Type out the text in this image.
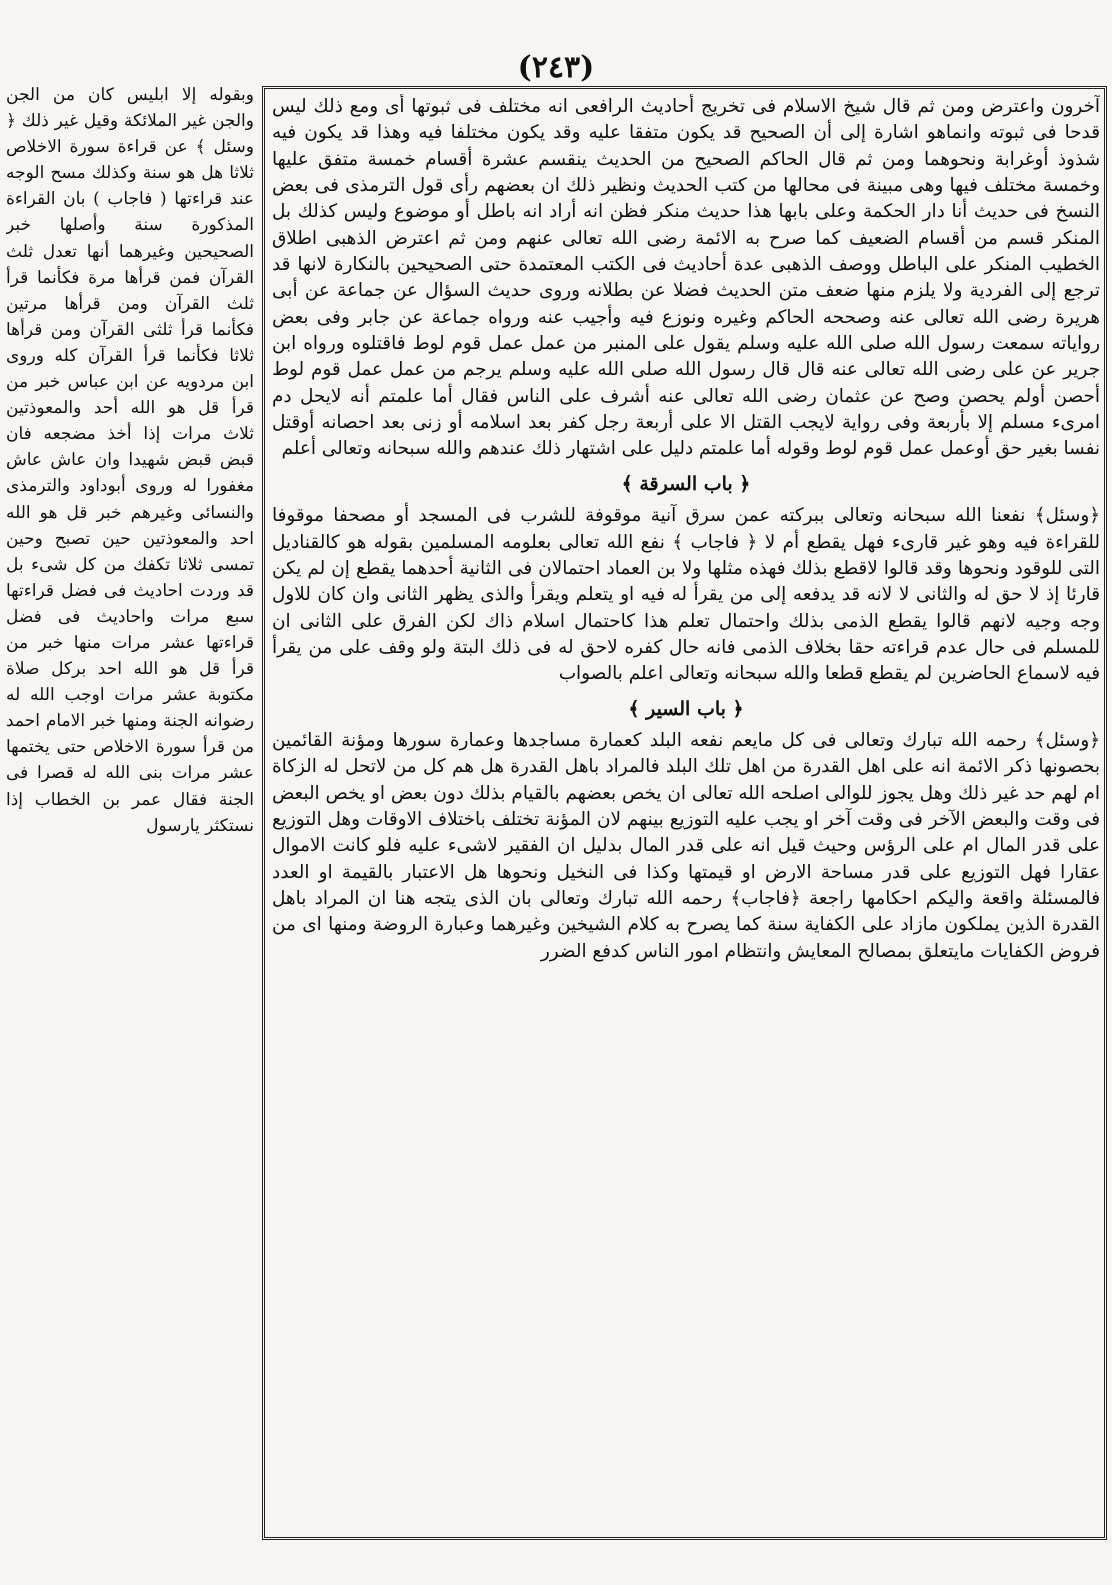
(٢٤٣)

آخرون واعترض ومن ثم قال شيخ الاسلام فى تخريج أحاديث الرافعى انه مختلف فى ثبوتها أى ومع ذلك ليس قدحا فى ثبوته وانماهو اشارة إلى أن الصحيح قد يكون متفقا عليه وقد يكون مختلفا فيه وهذا قد يكون فيه شذوذ أوغرابة ونحوهما ومن ثم قال الحاكم الصحيح من الحديث ينقسم عشرة أقسام خمسة متفق عليها وخمسة مختلف فيها وهى مبينة فى محالها من كتب الحديث ونظير ذلك ان بعضهم رأى قول الترمذى فى بعض النسخ فى حديث أنا دار الحكمة وعلى بابها هذا حديث منكر فظن انه أراد انه باطل أو موضوع وليس كذلك بل المنكر قسم من أقسام الضعيف كما صرح به الائمة رضى الله تعالى عنهم ومن ثم اعترض الذهبى اطلاق الخطيب المنكر على الباطل ووصف الذهبى عدة أحاديث فى الكتب المعتمدة حتى الصحيحين بالنكارة لانها قد ترجع إلى الفردية ولا يلزم منها ضعف متن الحديث فضلا عن بطلانه وروى حديث السؤال عن جماعة عن أبى هريرة رضى الله تعالى عنه وصححه الحاكم وغيره ونوزع فيه وأجيب عنه ورواه جماعة عن جابر وفى بعض رواياته سمعت رسول الله صلى الله عليه وسلم يقول على المنبر من عمل عمل قوم لوط فاقتلوه ورواه ابن جرير عن على رضى الله تعالى عنه قال قال رسول الله صلى الله عليه وسلم يرجم من عمل عمل قوم لوط أحصن أولم يحصن وصح عن عثمان رضى الله تعالى عنه أشرف على الناس فقال أما علمتم أنه لايحل دم امرىء مسلم إلا بأربعة وفى رواية لايجب القتل الا على أربعة رجل كفر بعد اسلامه أو زنى بعد احصانه أوقتل نفسا بغير حق أوعمل عمل قوم لوط وقوله أما علمتم دليل على اشتهار ذلك عندهم والله سبحانه وتعالى أعلم

﴿ باب السرقة ﴾

﴿وسئل﴾ نفعنا الله سبحانه وتعالى ببركته عمن سرق آنية موقوفة للشرب فى المسجد أو مصحفا موقوفا للقراءة فيه وهو غير قارىء فهل يقطع أم لا ﴿ فاجاب ﴾ نفع الله تعالى بعلومه المسلمين بقوله هو كالقناديل التى للوقود ونحوها وقد قالوا لاقطع بذلك فهذه مثلها ولا بن العماد احتمالان فى الثانية أحدهما يقطع إن لم يكن قارئا إذ لا حق له والثانى لا لانه قد يدفعه إلى من يقرأ له فيه او يتعلم ويقرأ والذى يظهر الثانى وان كان للاول وجه وجيه لانهم قالوا يقطع الذمى بذلك واحتمال تعلم هذا كاحتمال اسلام ذاك لكن الفرق على الثانى ان للمسلم فى حال عدم قراءته حقا بخلاف الذمى فانه حال كفره لاحق له فى ذلك البتة ولو وقف على من يقرأ فيه لاسماع الحاضرين لم يقطع قطعا والله سبحانه وتعالى اعلم بالصواب

﴿ باب السير ﴾

﴿وسئل﴾ رحمه الله تبارك وتعالى فى كل مايعم نفعه البلد كعمارة مساجدها وعمارة سورها ومؤنة القائمين بحصونها ذكر الائمة انه على اهل القدرة من اهل تلك البلد فالمراد باهل القدرة هل هم كل من لاتحل له الزكاة ام لهم حد غير ذلك وهل يجوز للوالى اصلحه الله تعالى ان يخص بعضهم بالقيام بذلك دون بعض او يخص البعض فى وقت والبعض الآخر فى وقت آخر او يجب عليه التوزيع بينهم لان المؤنة تختلف باختلاف الاوقات وهل التوزيع على قدر المال ام على الرؤس وحيث قيل انه على قدر المال بدليل ان الفقير لاشىء عليه فلو كانت الاموال عقارا فهل التوزيع على قدر مساحة الارض او قيمتها وكذا فى النخيل ونحوها هل الاعتبار بالقيمة او العدد فالمسئلة واقعة واليكم احكامها راجعة ﴿فاجاب﴾ رحمه الله تبارك وتعالى بان الذى يتجه هنا ان المراد باهل القدرة الذين يملكون مازاد على الكفاية سنة كما يصرح به كلام الشيخين وغيرهما وعبارة الروضة ومنها اى من فروض الكفايات مايتعلق بمصالح المعايش وانتظام امور الناس كدفع الضرر

وبقوله إلا ابليس كان من الجن والجن غير الملائكة وقيل غير ذلك ﴿ وسئل ﴾ عن قراءة سورة الاخلاص ثلاثا هل هو سنة وكذلك مسح الوجه عند قراءتها ( فاجاب ) بان القراءة المذكورة سنة وأصلها خبر الصحيحين وغيرهما أنها تعدل ثلث القرآن فمن قرأها مرة فكأنما قرأ ثلث القرآن ومن قرأها مرتين فكأنما قرأ ثلثى القرآن ومن قرأها ثلاثا فكأنما قرأ القرآن كله وروى ابن مردويه عن ابن عباس خبر من قرأ قل هو الله أحد والمعوذتين ثلاث مرات إذا أخذ مضجعه فان قبض قبض شهيدا وان عاش عاش مغفورا له وروى أبوداود والترمذى والنسائى وغيرهم خبر قل هو الله احد والمعوذتين حين تصبح وحين تمسى ثلاثا تكفك من كل شىء بل قد وردت احاديث فى فضل قراءتها سبع مرات واحاديث فى فضل قراءتها عشر مرات منها خبر من قرأ قل هو الله احد بركل صلاة مكتوبة عشر مرات اوجب الله له رضوانه الجنة ومنها خبر الامام احمد من قرأ سورة الاخلاص حتى يختمها عشر مرات بنى الله له قصرا فى الجنة فقال عمر بن الخطاب إذا نستكثر يارسول
